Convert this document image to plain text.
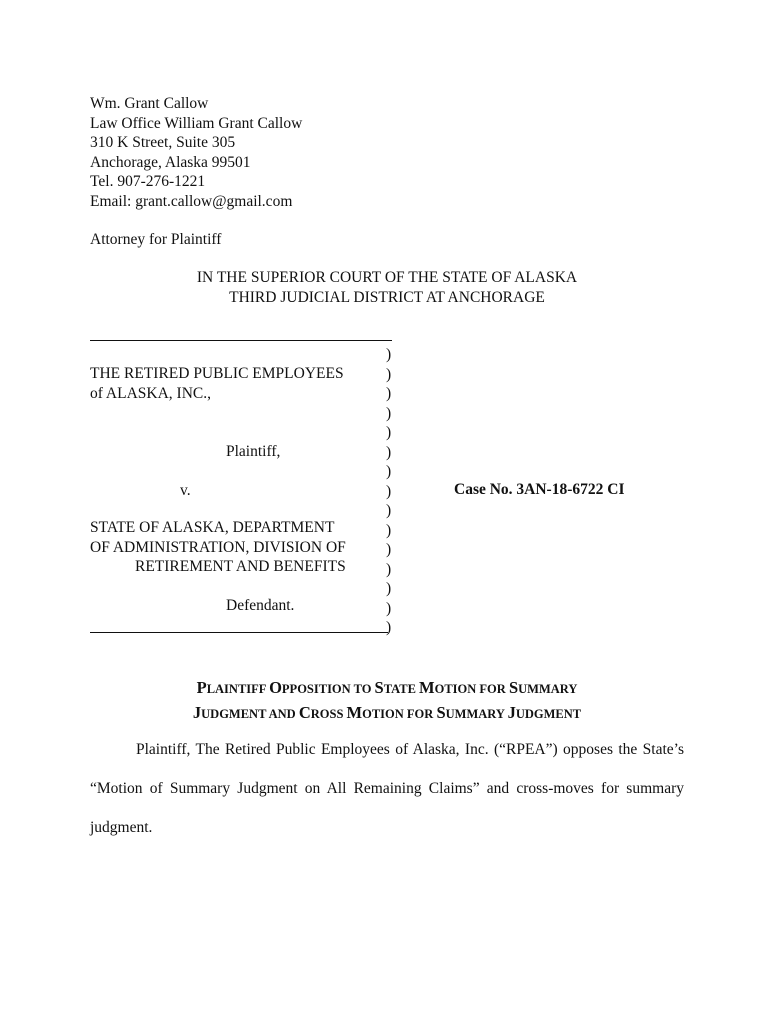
Wm. Grant Callow
Law Office William Grant Callow
310 K Street, Suite 305
Anchorage, Alaska 99501
Tel. 907-276-1221
Email: grant.callow@gmail.com
Attorney for Plaintiff
IN THE SUPERIOR COURT OF THE STATE OF ALASKA
THIRD JUDICIAL DISTRICT AT ANCHORAGE
THE RETIRED PUBLIC EMPLOYEES
of ALASKA, INC.,
Plaintiff,
v.
STATE OF ALASKA, DEPARTMENT
OF ADMINISTRATION, DIVISION OF
RETIREMENT AND BENEFITS
Defendant.
)
)
)
)
)
)
)
)
)
)
)
)
)
)
)
Case No. 3AN-18-6722 CI
PLAINTIFF OPPOSITION TO STATE MOTION FOR SUMMARY
JUDGMENT AND CROSS MOTION FOR SUMMARY JUDGMENT
Plaintiff, The Retired Public Employees of Alaska, Inc. (“RPEA”) opposes the State’s “Motion of Summary Judgment on All Remaining Claims” and cross-moves for summary judgment.
